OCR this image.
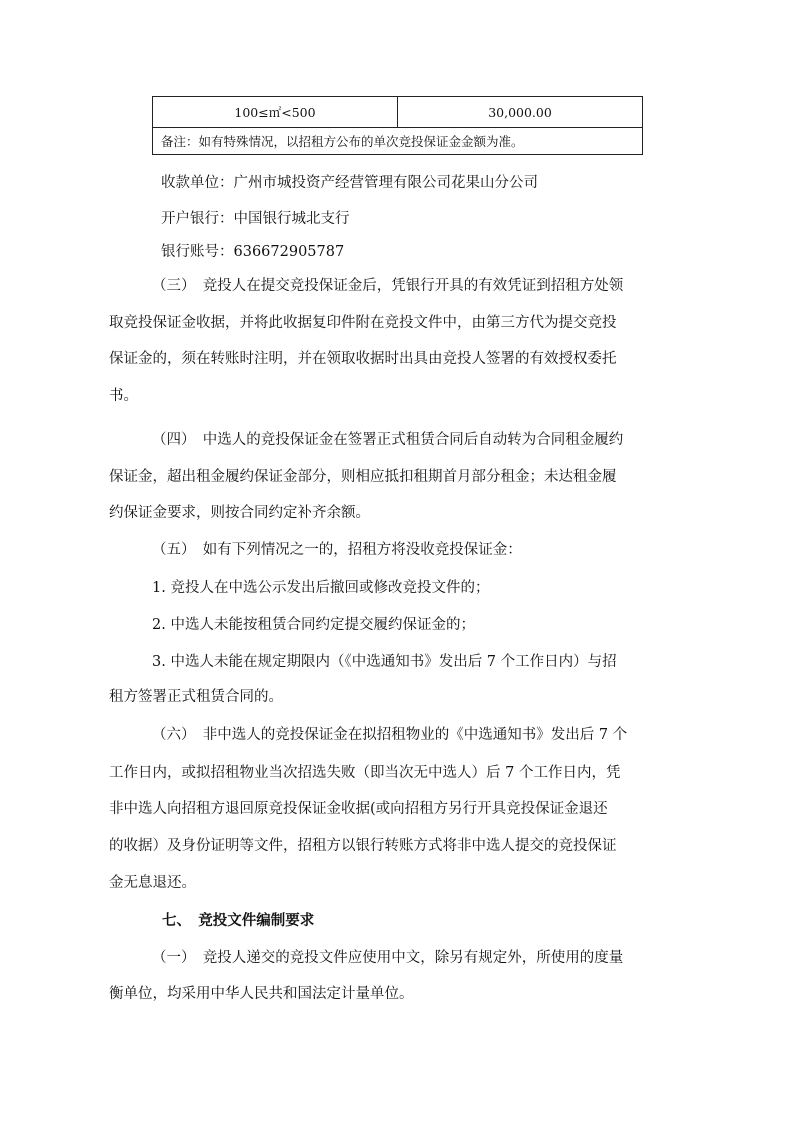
100≤㎡<500	30,000.00
备注：如有特殊情况，以招租方公布的单次竞投保证金金额为准。
收款单位：广州市城投资产经营管理有限公司花果山分公司
开户银行：中国银行城北支行
银行账号：636672905787
（三）　竞投人在提交竞投保证金后，凭银行开具的有效凭证到招租方处领
取竞投保证金收据，并将此收据复印件附在竞投文件中，由第三方代为提交竞投
保证金的，须在转账时注明，并在领取收据时出具由竞投人签署的有效授权委托
书。
（四）　中选人的竞投保证金在签署正式租赁合同后自动转为合同租金履约
保证金，超出租金履约保证金部分，则相应抵扣租期首月部分租金；未达租金履
约保证金要求，则按合同约定补齐余额。
（五）　如有下列情况之一的，招租方将没收竞投保证金：
1. 竞投人在中选公示发出后撤回或修改竞投文件的；
2. 中选人未能按租赁合同约定提交履约保证金的；
3. 中选人未能在规定期限内（《中选通知书》发出后 7 个工作日内）与招
租方签署正式租赁合同的。
（六）　非中选人的竞投保证金在拟招租物业的《中选通知书》发出后 7 个
工作日内，或拟招租物业当次招选失败（即当次无中选人）后 7 个工作日内，凭
非中选人向招租方退回原竞投保证金收据(或向招租方另行开具竞投保证金退还
的收据）及身份证明等文件，招租方以银行转账方式将非中选人提交的竞投保证
金无息退还。
七、　竞投文件编制要求
（一）　竞投人递交的竞投文件应使用中文，除另有规定外，所使用的度量
衡单位，均采用中华人民共和国法定计量单位。
